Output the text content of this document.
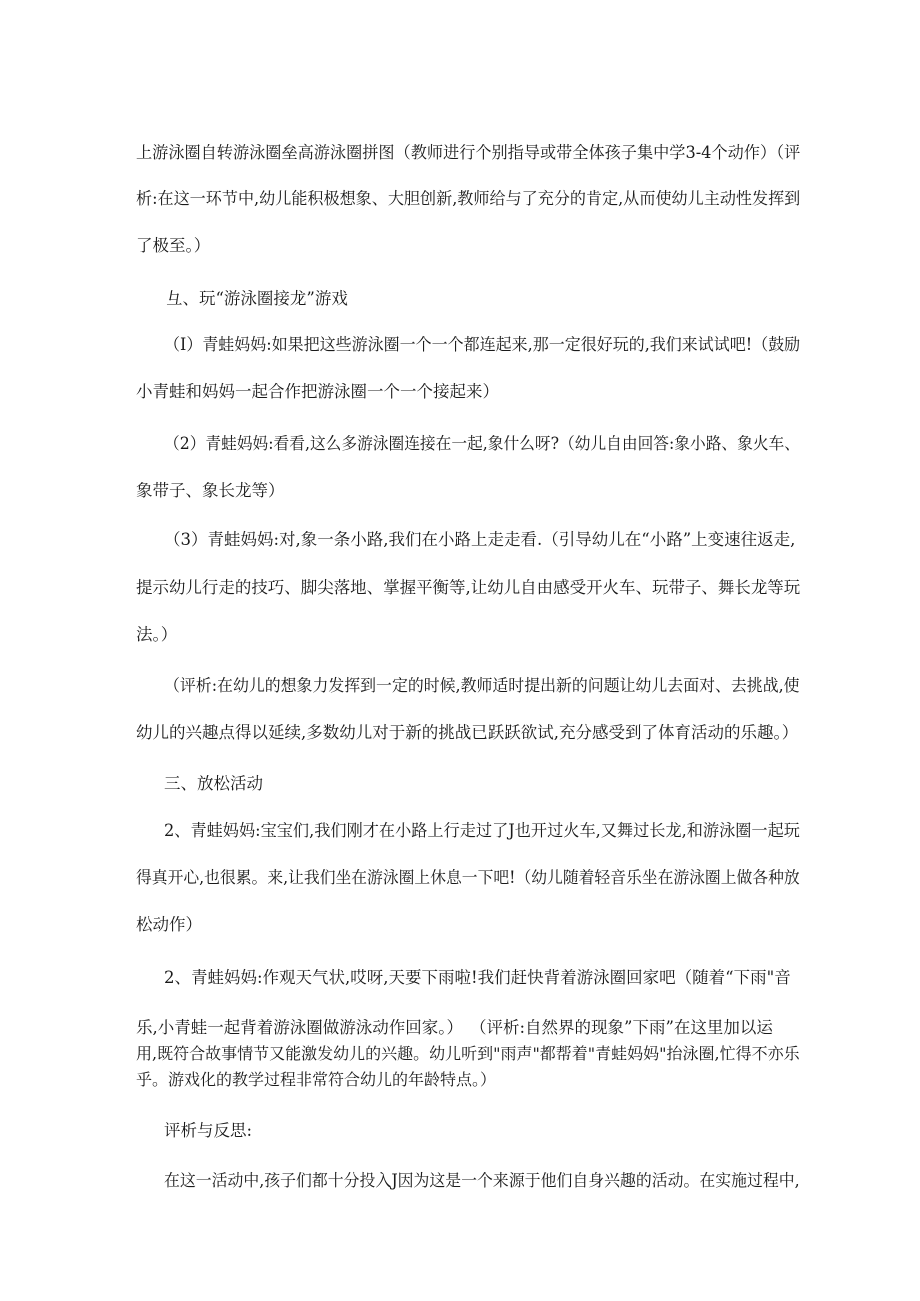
上游泳圈自转游泳圈垒高游泳圈拼图（教师进行个别指导或带全体孩子集中学3-4个动作）（评
析:在这一环节中,幼儿能积极想象、大胆创新,教师给与了充分的肯定,从而使幼儿主动性发挥到
了极至。）
彑、玩“游泳圈接龙”游戏
（I）青蛙妈妈:如果把这些游泳圈一个一个都连起来,那一定很好玩的,我们来试试吧!（鼓励
小青蛙和妈妈一起合作把游泳圈一个一个接起来）
（2）青蛙妈妈:看看,这么多游泳圈连接在一起,象什么呀?（幼儿自由回答:象小路、象火车、
象带子、象长龙等）
（3）青蛙妈妈:对,象一条小路,我们在小路上走走看.（引导幼儿在“小路”上变速往返走,
提示幼儿行走的技巧、脚尖落地、掌握平衡等,让幼儿自由感受开火车、玩带子、舞长龙等玩
法。）
（评析:在幼儿的想象力发挥到一定的时候,教师适时提出新的问题让幼儿去面对、去挑战,使
幼儿的兴趣点得以延续,多数幼儿对于新的挑战已跃跃欲试,充分感受到了体育活动的乐趣。）
三、放松活动
2、青蛙妈妈:宝宝们,我们刚才在小路上行走过了J也开过火车,又舞过长龙,和游泳圈一起玩
得真开心,也很累。来,让我们坐在游泳圈上休息一下吧!（幼儿随着轻音乐坐在游泳圈上做各种放
松动作）
2、青蛙妈妈:作观天气状,哎呀,天要下雨啦!我们赶快背着游泳圈回家吧（随着“下雨"音
乐,小青蛙一起背着游泳圈做游泳动作回家。） （评析:自然界的现象”下雨”在这里加以运
用,既符合故事情节又能激发幼儿的兴趣。幼儿听到"雨声"都帮着"青蛙妈妈"抬泳圈,忙得不亦乐
乎。游戏化的教学过程非常符合幼儿的年龄特点。）
评析与反思:
在这一活动中,孩子们都十分投入J因为这是一个来源于他们自身兴趣的活动。在实施过程中,
